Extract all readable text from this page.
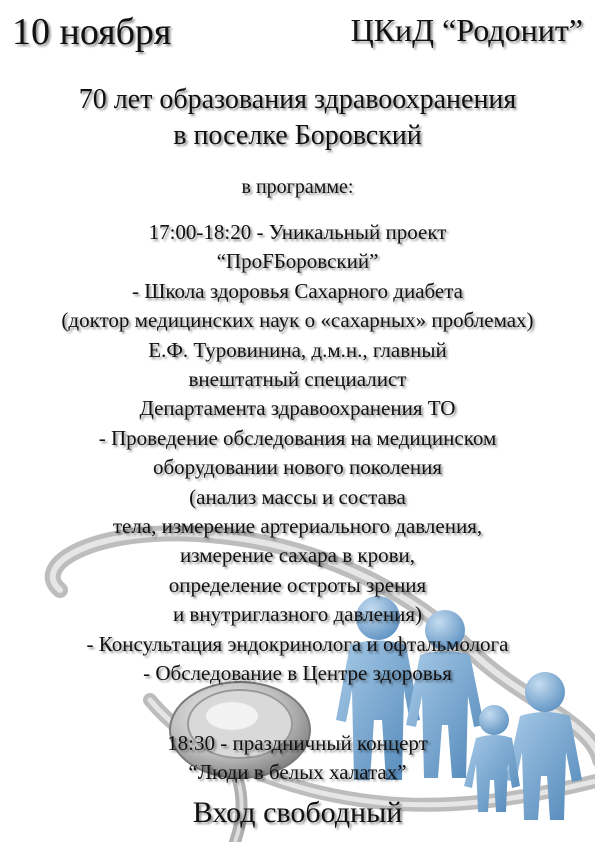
10 ноября	ЦКиД “Родонит”
70 лет образования здравоохранения
в поселке Боровский
в программе:
17:00-18:20 - Уникальный проект
“ПроFБоровский”
- Школа здоровья Сахарного диабета
(доктор медицинских наук о «сахарных» проблемах)
Е.Ф. Туровинина, д.м.н., главный
внештатный специалист
Департамента здравоохранения ТО
- Проведение обследования на медицинском
оборудовании нового поколения
(анализ массы и состава
тела, измерение артериального давления,
измерение сахара в крови,
определение остроты зрения
и внутриглазного давления)
- Консультация эндокринолога и офтальмолога
- Обследование в Центре здоровья
18:30 - праздничный концерт
“Люди в белых халатах”
Вход свободный
